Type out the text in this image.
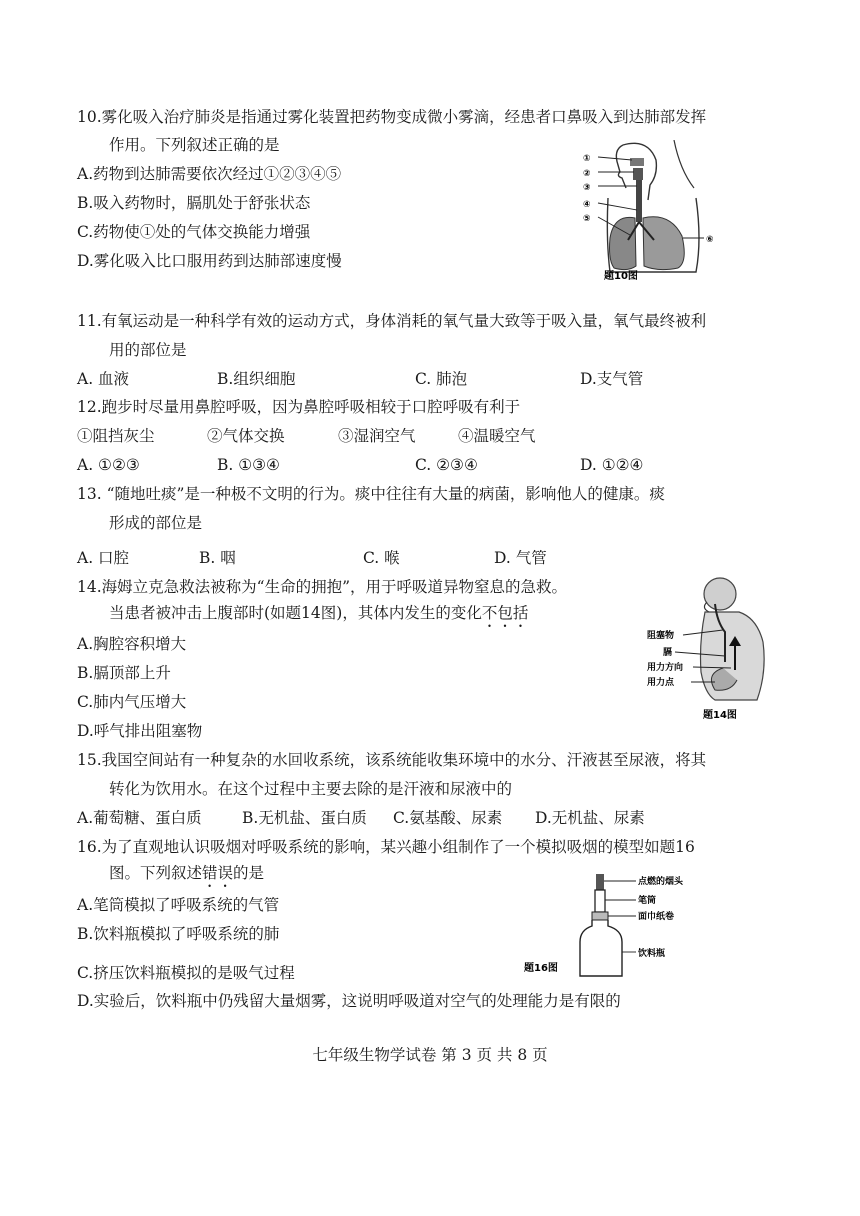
10.雾化吸入治疗肺炎是指通过雾化装置把药物变成微小雾滴，经患者口鼻吸入到达肺部发挥
作用。下列叙述正确的是
A.药物到达肺需要依次经过①②③④⑤
B.吸入药物时，膈肌处于舒张状态
C.药物使①处的气体交换能力增强
D.雾化吸入比口服用药到达肺部速度慢
①
②
③
④
⑤
⑥
题10图
11.有氧运动是一种科学有效的运动方式，身体消耗的氧气量大致等于吸入量，氧气最终被利
用的部位是
A. 血液	B.组织细胞	C. 肺泡	D.支气管
12.跑步时尽量用鼻腔呼吸，因为鼻腔呼吸相较于口腔呼吸有利于
①阻挡灰尘	②气体交换	③湿润空气	④温暖空气
A. ①②③	B. ①③④	C. ②③④	D. ①②④
13. “随地吐痰”是一种极不文明的行为。痰中往往有大量的病菌，影响他人的健康。痰
形成的部位是
A. 口腔	B. 咽	C. 喉	D. 气管
14.海姆立克急救法被称为“生命的拥抱”，用于呼吸道异物窒息的急救。
当患者被冲击上腹部时(如题14图)，其体内发生的变化不包括
A.胸腔容积增大
B.膈顶部上升
C.肺内气压增大
D.呼气排出阻塞物
阻塞物
膈
用力方向
用力点
题14图
15.我国空间站有一种复杂的水回收系统，该系统能收集环境中的水分、汗液甚至尿液，将其
转化为饮用水。在这个过程中主要去除的是汗液和尿液中的
A.葡萄糖、蛋白质	B.无机盐、蛋白质 C.氨基酸、尿素 D.无机盐、尿素
16.为了直观地认识吸烟对呼吸系统的影响，某兴趣小组制作了一个模拟吸烟的模型如题16
图。下列叙述错误的是
A.笔筒模拟了呼吸系统的气管
B.饮料瓶模拟了呼吸系统的肺
C.挤压饮料瓶模拟的是吸气过程
D.实验后，饮料瓶中仍残留大量烟雾，这说明呼吸道对空气的处理能力是有限的
点燃的烟头
笔筒
面巾纸卷
饮料瓶
题16图
七年级生物学试卷 第 3 页 共 8 页
